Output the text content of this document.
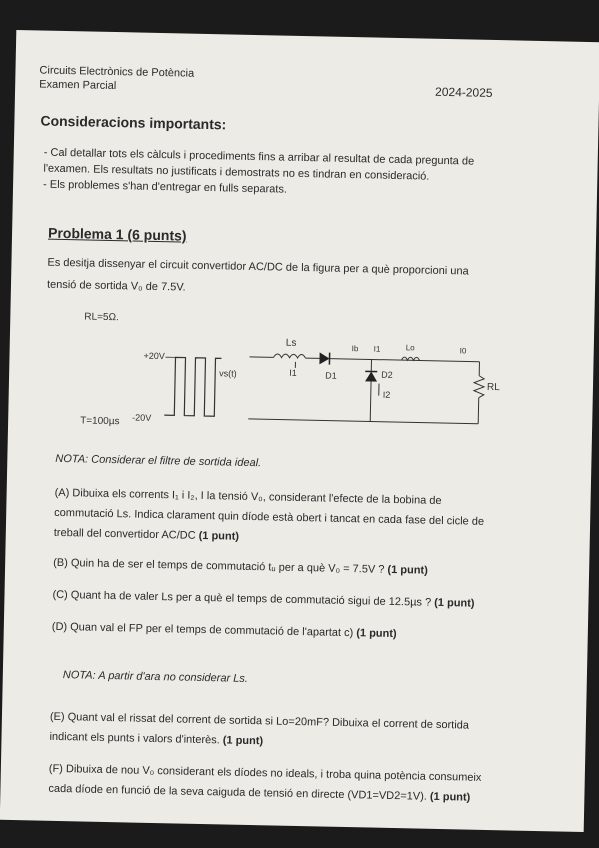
Circuits Electrònics de Potència
Examen Parcial	2024-2025
Consideracions importants:
- Cal detallar tots els càlculs i procediments fins a arribar al resultat de cada pregunta de
l'examen. Els resultats no justificats i demostrats no es tindran en consideració.
- Els problemes s'han d'entregar en fulls separats.
Problema 1 (6 punts)
Es desitja dissenyar el circuit convertidor AC/DC de la figura per a què proporcioni una
tensió de sortida V₀ de 7.5V.
RL=5Ω.
+20V
-20V
T=100µs
vs(t)
Ls
I1	D1
Ib I1	Lo	I0
D2
I2
RL
NOTA: Considerar el filtre de sortida ideal.
(A) Dibuixa els corrents I₁ i I₂, I la tensió V₀, considerant l'efecte de la bobina de
commutació Ls. Indica clarament quin díode està obert i tancat en cada fase del cicle de
treball del convertidor AC/DC (1 punt)
(B) Quin ha de ser el temps de commutació tᵤ per a què V₀ = 7.5V ? (1 punt)
(C) Quant ha de valer Ls per a què el temps de commutació sigui de 12.5µs ? (1 punt)
(D) Quan val el FP per el temps de commutació de l'apartat c) (1 punt)
NOTA: A partir d'ara no considerar Ls.
(E) Quant val el rissat del corrent de sortida si Lo=20mF? Dibuixa el corrent de sortida
indicant els punts i valors d'interès. (1 punt)
(F) Dibuixa de nou V₀ considerant els díodes no ideals, i troba quina potència consumeix
cada díode en funció de la seva caiguda de tensió en directe (VD1=VD2=1V). (1 punt)
